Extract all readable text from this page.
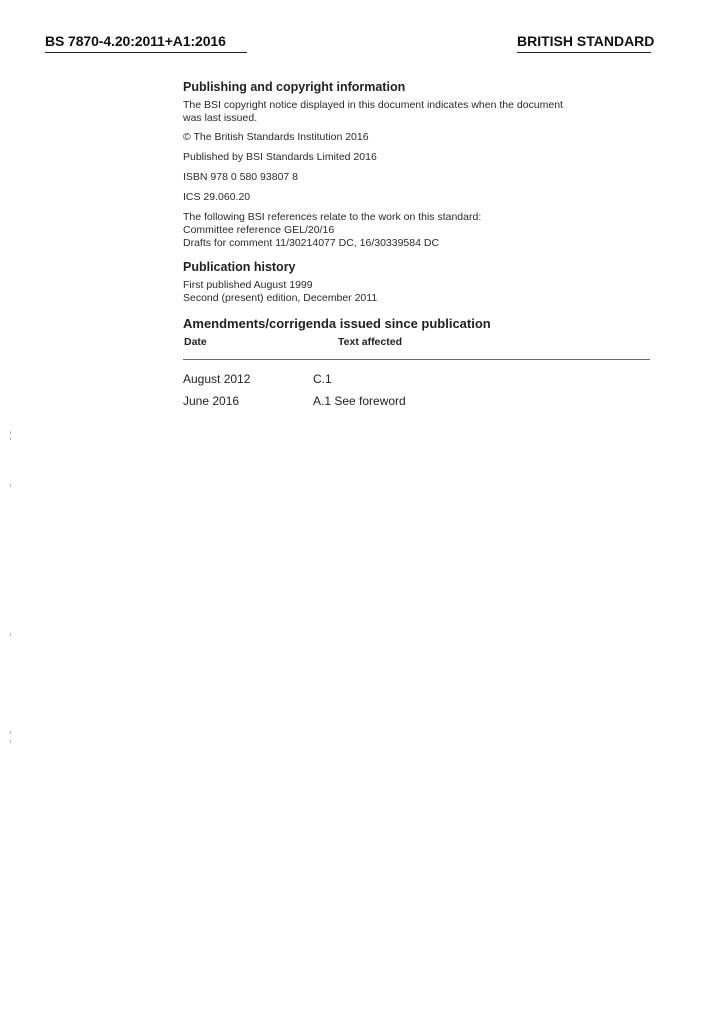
BS 7870-4.20:2011+A1:2016	BRITISH STANDARD
Publishing and copyright information
The BSI copyright notice displayed in this document indicates when the document
was last issued.
© The British Standards Institution 2016
Published by BSI Standards Limited 2016
ISBN 978 0 580 93807 8
ICS 29.060.20
The following BSI references relate to the work on this standard:
Committee reference GEL/20/16
Drafts for comment 11/30214077 DC, 16/30339584 DC
Publication history
First published August 1999
Second (present) edition, December 2011
Amendments/corrigenda issued since publication
Date	Text affected
August 2012	C.1
June 2016	A.1 See foreword
